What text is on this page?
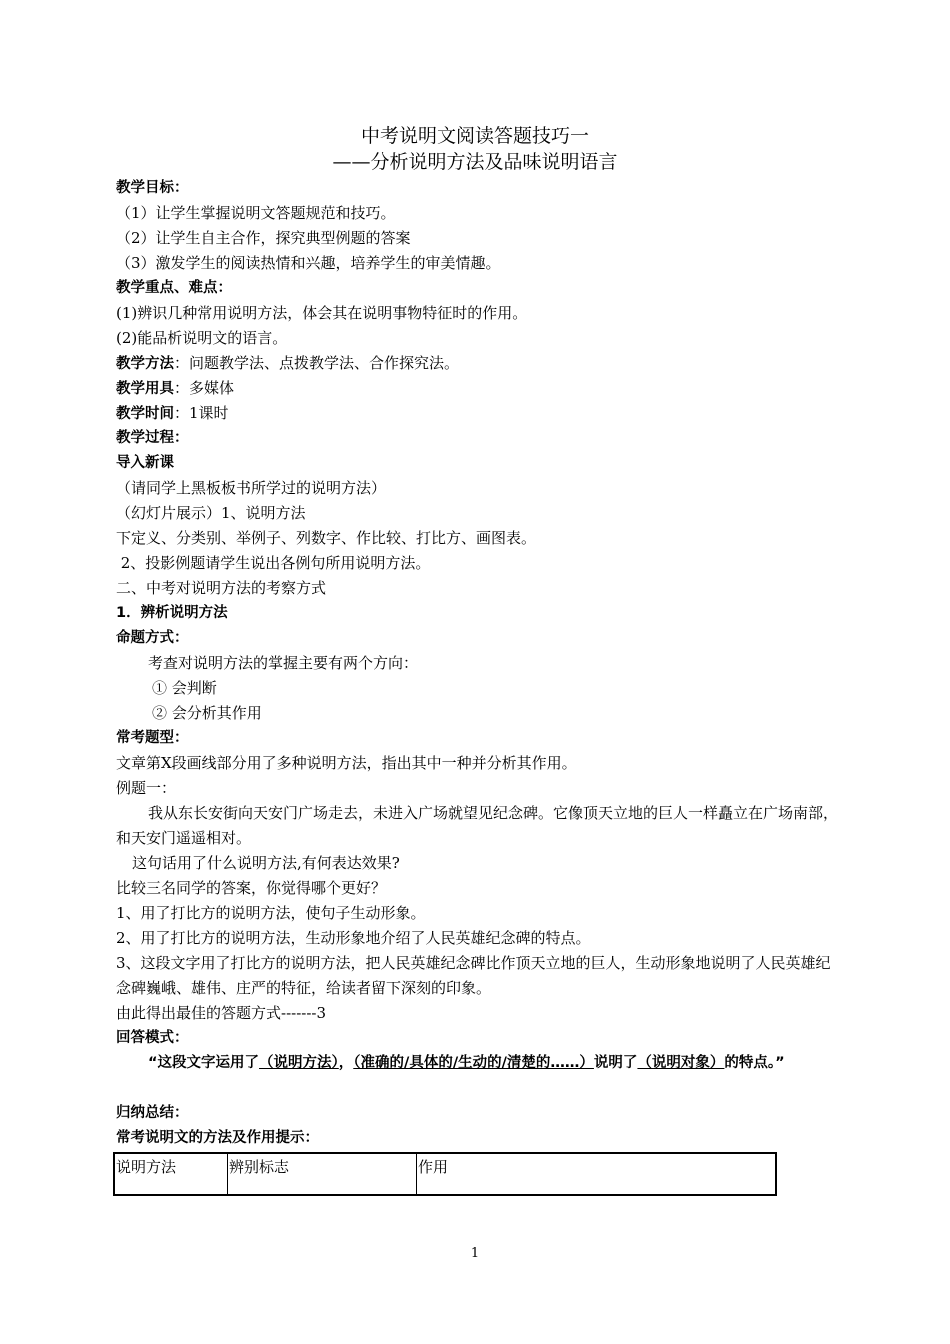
中考说明文阅读答题技巧一
——分析说明方法及品味说明语言
教学目标：
（1）让学生掌握说明文答题规范和技巧。
（2）让学生自主合作，探究典型例题的答案
（3）激发学生的阅读热情和兴趣，培养学生的审美情趣。
教学重点、难点：
(1)辨识几种常用说明方法，体会其在说明事物特征时的作用。
(2)能品析说明文的语言。
教学方法：问题教学法、点拨教学法、合作探究法。
教学用具：多媒体
教学时间：1课时
教学过程：
导入新课
（请同学上黑板板书所学过的说明方法）
（幻灯片展示）1、说明方法
下定义、分类别、举例子、列数字、作比较、打比方、画图表。
2、投影例题请学生说出各例句所用说明方法。
二、中考对说明方法的考察方式
1．辨析说明方法
命题方式：
考查对说明方法的掌握主要有两个方向：
① 会判断
② 会分析其作用
常考题型：
文章第X段画线部分用了多种说明方法，指出其中一种并分析其作用。
例题一：
我从东长安街向天安门广场走去，未进入广场就望见纪念碑。它像顶天立地的巨人一样矗立在广场南部，和天安门遥遥相对。
这句话用了什么说明方法,有何表达效果?
比较三名同学的答案，你觉得哪个更好？
1、用了打比方的说明方法，使句子生动形象。
2、用了打比方的说明方法，生动形象地介绍了人民英雄纪念碑的特点。
3、这段文字用了打比方的说明方法，把人民英雄纪念碑比作顶天立地的巨人，生动形象地说明了人民英雄纪念碑巍峨、雄伟、庄严的特征，给读者留下深刻的印象。
由此得出最佳的答题方式-------3
回答模式：
“这段文字运用了（说明方法），（准确的/具体的/生动的/清楚的……）说明了（说明对象）的特点。”
归纳总结：
常考说明文的方法及作用提示：
说明方法	辨别标志	作用
1
